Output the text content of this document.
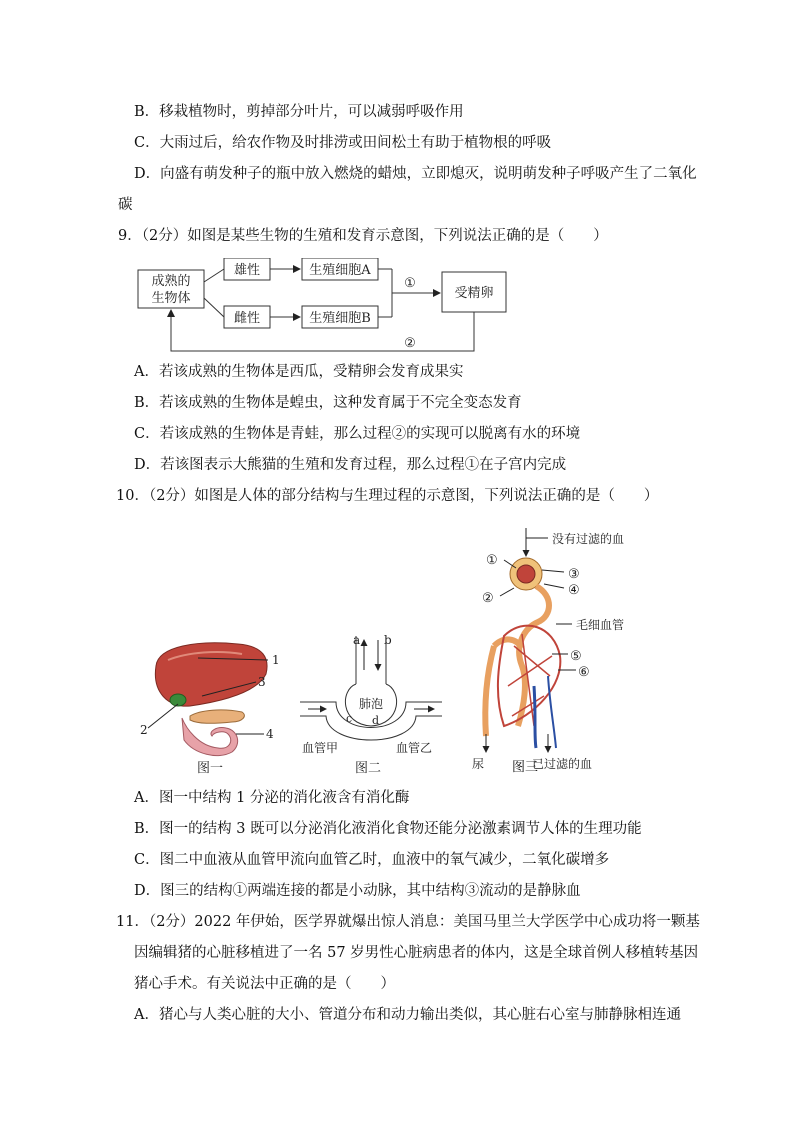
B．移栽植物时，剪掉部分叶片，可以减弱呼吸作用
C．大雨过后，给农作物及时排涝或田间松土有助于植物根的呼吸
D．向盛有萌发种子的瓶中放入燃烧的蜡烛，立即熄灭，说明萌发种子呼吸产生了二氧化
碳
9．（2分）如图是某些生物的生殖和发育示意图，下列说法正确的是（　　）
成熟的
生物体
雄性
雌性
生殖细胞A
生殖细胞B
①
受精卵
②
A．若该成熟的生物体是西瓜，受精卵会发育成果实
B．若该成熟的生物体是蝗虫，这种发育属于不完全变态发育
C．若该成熟的生物体是青蛙，那么过程②的实现可以脱离有水的环境
D．若该图表示大熊猫的生殖和发育过程，那么过程①在子宫内完成
10．（2分）如图是人体的部分结构与生理过程的示意图，下列说法正确的是（　　）
1
2
3
4
图一
a b
肺泡
c d
血管甲	血管乙
图二
没有过滤的血
①
②
③
④
毛细血管
⑤
⑥
尿	已过滤的血
图三
A．图一中结构 1 分泌的消化液含有消化酶
B．图一的结构 3 既可以分泌消化液消化食物还能分泌激素调节人体的生理功能
C．图二中血液从血管甲流向血管乙时，血液中的氧气减少，二氧化碳增多
D．图三的结构①两端连接的都是小动脉，其中结构③流动的是静脉血
11．（2分）2022 年伊始，医学界就爆出惊人消息：美国马里兰大学医学中心成功将一颗基
因编辑猪的心脏移植进了一名 57 岁男性心脏病患者的体内，这是全球首例人移植转基因
猪心手术。有关说法中正确的是（　　）
A．猪心与人类心脏的大小、管道分布和动力输出类似，其心脏右心室与肺静脉相连通
